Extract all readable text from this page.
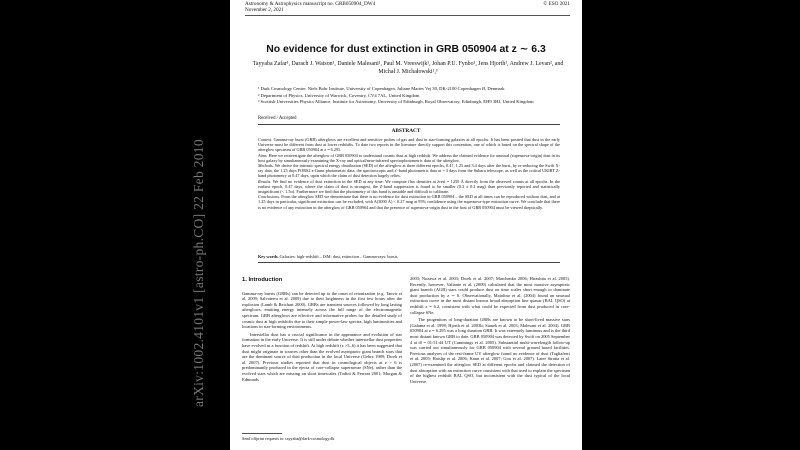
Astronomy & Astrophysics manuscript no. GRB050904_DW4
November 2, 2021
© ESO 2021
No evidence for dust extinction in GRB 050904 at z ∼ 6.3
Tayyaba Zafar¹, Darach J. Watson¹, Daniele Malesani¹, Paul M. Vreeswijk¹, Johan P.U. Fynbo¹, Jens Hjorth¹, Andrew J. Levan², and Michał J. Michałowski¹,³
¹ Dark Cosmology Centre, Niels Bohr Institute, University of Copenhagen, Juliane Maries Vej 30, DK-2100 Copenhagen Ø, Denmark
² Department of Physics, University of Warwick, Coventry, CV4 7AL, United Kingdom
³ Scottish Universities Physics Alliance, Institute for Astronomy, University of Edinburgh, Royal Observatory, Edinburgh, EH9 3HJ, United Kingdom
Received / Accepted
ABSTRACT

Context. Gamma-ray burst (GRB) afterglows are excellent and sensitive probes of gas and dust in star-forming galaxies at all epochs. It has been posited that dust in the early Universe must be different from dust at lower redshifts. To date two reports in the literature directly support this contention, one of which is based on the spectral shape of the afterglow spectrum of GRB 050904 at z = 6.295.

Aims. Here we reinvestigate the afterglow of GRB 050904 to understand cosmic dust at high redshift. We address the claimed evidence for unusual (supernova-origin) dust in its host galaxy by simultaneously examining the X-ray and optical/near-infrared spectrophotometric data of the afterglow.

Methods. We derive the intrinsic spectral energy distribution (SED) of the afterglow at three different epochs, 0.47, 1.25 and 3.4 days after the burst, by re-reducing the Swift X-ray data, the 1.25 days FORS2 z-Gunn photometric data, the spectroscopic and z′-band photometric data at ∼3 days from the Subaru telescope, as well as the critical UKIRT Z-band photometry at 0.47 days, upon which the claim of dust detection largely relies.

Results. We find no evidence of dust extinction in the SED at any time. We compute flux densities at λrest = 1250 Å directly from the observed counts at all epochs. In the earliest epoch, 0.47 days, where the claim of dust is strongest, the Z-band suppression is found to be smaller (0.3 ± 0.2 mag) than previously reported and statistically insignificant (< 1.5σ). Furthermore we find that the photometry of this band is unstable and difficult to calibrate.

Conclusions. From the afterglow SED we demonstrate that there is no evidence for dust extinction in GRB 050904 – the SED at all times can be reproduced without dust, and at 1.25 days in particular, significant extinction can be excluded, with A(3000 Å) < 0.27 mag at 95% confidence using the supernova-type extinction curve. We conclude that there is no evidence of any extinction in the afterglow of GRB 050904 and that the presence of supernova-origin dust in the host of GRB 050904 must be viewed skeptically.

Key words. Galaxies: high-redshift – ISM: dust, extinction – Gamma-rays: bursts
1. Introduction

Gamma-ray bursts (GRBs) can be detected up to the onset of reionization (e.g. Tanvir et al. 2009; Salvaterra et al. 2009) due to their brightness in the first few hours after the explosion (Lamb & Reichart 2000). GRBs are transient sources followed by long lasting afterglows, emitting energy intensely across the full range of the electromagnetic spectrum. GRB afterglows are effective and informative probes for the detailed study of cosmic dust at high redshifts due to their simple power-law spectra, high luminosities and locations in star-forming environments.

Interstellar dust has a crucial significance in the appearance and evolution of star formation in the early Universe. It is still under debate whether interstellar dust properties have evolved as a function of redshift. At high redshift (z >5–6) it has been suggested that dust might originate in sources other than the evolved asymptotic giant branch stars that are the dominant source of dust production in the local Universe (Gehrz 1989; Dwek et al. 2007). Previous studies reported that dust in cosmological objects at z > 6 is predominantly produced in the ejecta of core-collapse supernovae (SNe), rather than the evolved stars which are missing on short timescales (Todini & Ferrara 2001; Morgan & Edmunds

2003; Nozawa et al. 2003; Dwek et al. 2007; Marchenko 2006; Hirashita et al. 2005). Recently, however, Valiante et al. (2009) calculated that the most massive asymptotic giant branch (AGB) stars could produce dust on time scales short enough to dominate dust production by z ∼ 6. Observationally, Maiolino et al. (2004) found an unusual extinction curve in the most distant known broad absorption line quasar (BAL QSO) at redshift z = 6.2, consistent with what could be expected from dust produced in core-collapse SNe.

The progenitors of long-duration GRBs are known to be short-lived massive stars (Galama et al. 1998; Hjorth et al. 2003b; Stanek et al. 2003; Malesani et al. 2004). GRB 050904 at z = 6.295 was a long duration GRB. It was extremely luminous and is the third most distant known GRB to date. GRB 050904 was detected by Swift on 2005 September 4 at t0 = 01:51:44 UT (Cummings et al. 2005). Substantial multi-wavelength follow-up was carried out simultaneously for GRB 050904 with several ground based facilities. Previous analyses of the rest-frame UV afterglow found no evidence of dust (Tagliaferri et al. 2005; Haislip et al. 2006; Kann et al. 2007; Gou et al. 2007). Later Stratta et al. (2007) re-examined the afterglow SED at different epochs and claimed the detection of dust absorption with an extinction curve consistent with that used to explain the spectrum of the highest redshift BAL QSO, but inconsistent with the dust typical of the local Universe.

Send offprint requests to: tayyaba@dark-cosmology.dk
arXiv:1002.4101v1 [astro-ph.CO] 22 Feb 2010
